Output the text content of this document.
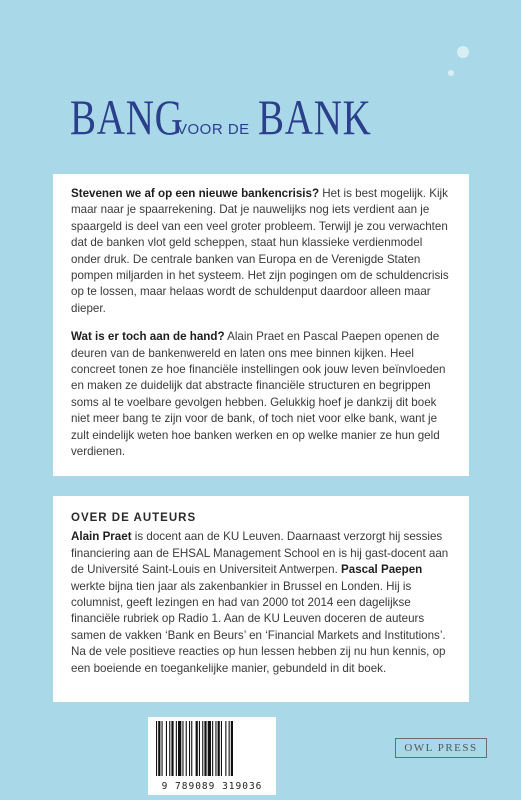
BANG
VOOR DE BANK

Stevenen we af op een nieuwe bankencrisis? Het is best mogelijk. Kijk maar naar je spaarrekening. Dat je nauwelijks nog iets verdient aan je spaargeld is deel van een veel groter probleem. Terwijl je zou verwachten dat de banken vlot geld scheppen, staat hun klassieke verdienmodel onder druk. De centrale banken van Europa en de Verenigde Staten pompen miljarden in het systeem. Het zijn pogingen om de schuldencrisis op te lossen, maar helaas wordt de schuldenput daardoor alleen maar dieper.

Wat is er toch aan de hand? Alain Praet en Pascal Paepen openen de deuren van de bankenwereld en laten ons mee binnen kijken. Heel concreet tonen ze hoe financiële instellingen ook jouw leven beïnvloeden en maken ze duidelijk dat abstracte financiële structuren en begrippen soms al te voelbare gevolgen hebben. Gelukkig hoef je dankzij dit boek niet meer bang te zijn voor de bank, of toch niet voor elke bank, want je zult eindelijk weten hoe banken werken en op welke manier ze hun geld verdienen.

OVER DE AUTEURS
Alain Praet is docent aan de KU Leuven. Daarnaast verzorgt hij sessies financiering aan de EHSAL Management School en is hij gast-docent aan de Université Saint-Louis en Universiteit Antwerpen. Pascal Paepen werkte bijna tien jaar als zakenbankier in Brussel en Londen. Hij is columnist, geeft lezingen en had van 2000 tot 2014 een dagelijkse financiële rubriek op Radio 1. Aan de KU Leuven doceren de auteurs samen de vakken ‘Bank en Beurs’ en ‘Financial Markets and Institutions’. Na de vele positieve reacties op hun lessen hebben zij nu hun kennis, op een boeiende en toegankelijke manier, gebundeld in dit boek.
9 789089 319036
OWL PRESS
